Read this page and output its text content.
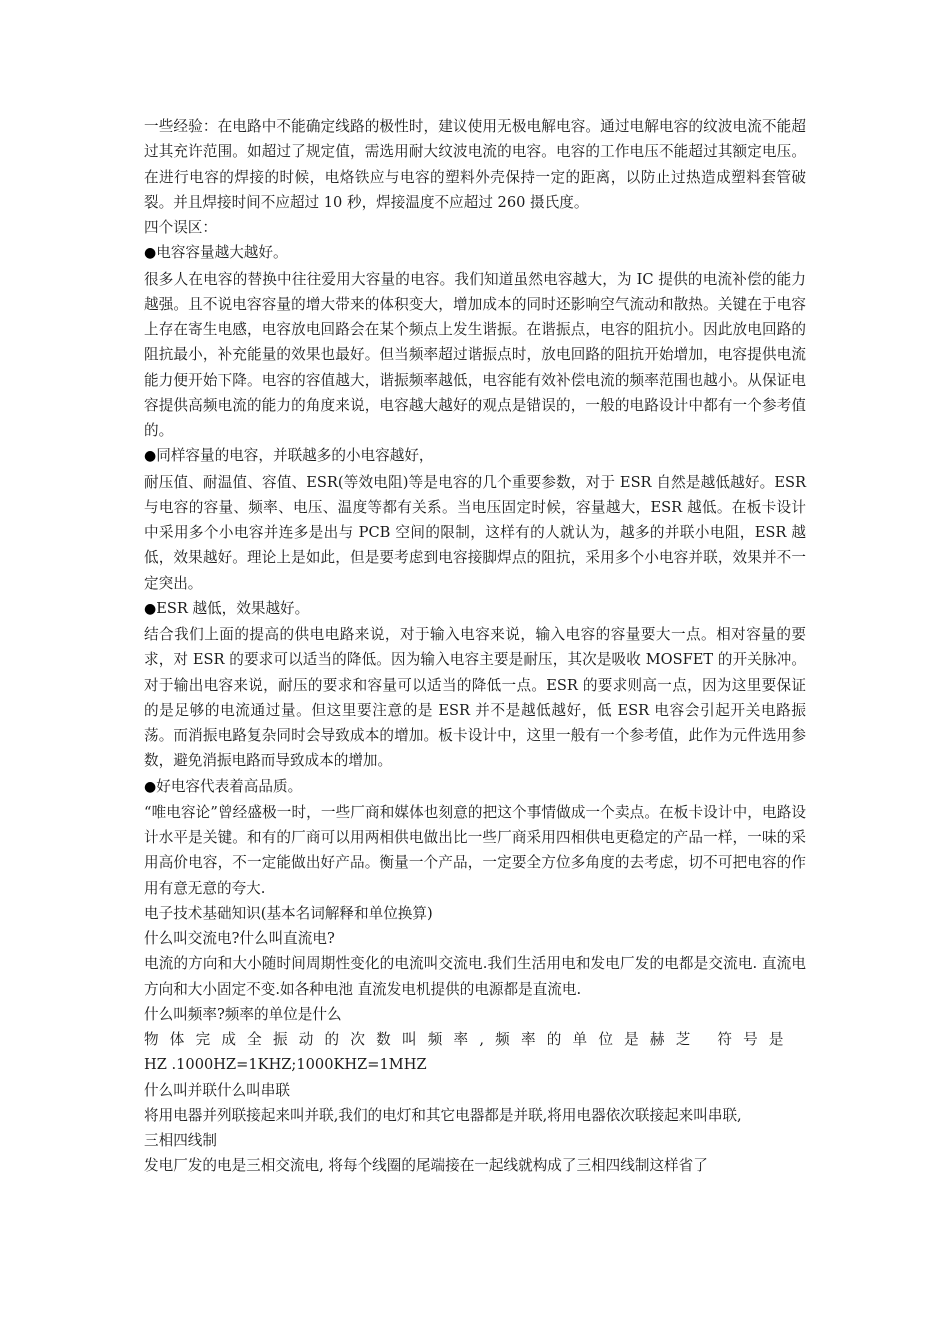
一些经验：在电路中不能确定线路的极性时，建议使用无极电解电容。通过电解电容的纹波电流不能超过其充许范围。如超过了规定值，需选用耐大纹波电流的电容。电容的工作电压不能超过其额定电压。在进行电容的焊接的时候，电烙铁应与电容的塑料外壳保持一定的距离，以防止过热造成塑料套管破裂。并且焊接时间不应超过 10 秒，焊接温度不应超过 260 摄氏度。

四个误区：

●电容容量越大越好。

很多人在电容的替换中往往爱用大容量的电容。我们知道虽然电容越大，为 IC 提供的电流补偿的能力越强。且不说电容容量的增大带来的体积变大，增加成本的同时还影响空气流动和散热。关键在于电容上存在寄生电感，电容放电回路会在某个频点上发生谐振。在谐振点，电容的阻抗小。因此放电回路的阻抗最小，补充能量的效果也最好。但当频率超过谐振点时，放电回路的阻抗开始增加，电容提供电流能力便开始下降。电容的容值越大，谐振频率越低，电容能有效补偿电流的频率范围也越小。从保证电容提供高频电流的能力的角度来说，电容越大越好的观点是错误的，一般的电路设计中都有一个参考值的。

●同样容量的电容，并联越多的小电容越好，

耐压值、耐温值、容值、ESR(等效电阻)等是电容的几个重要参数，对于 ESR 自然是越低越好。ESR 与电容的容量、频率、电压、温度等都有关系。当电压固定时候，容量越大，ESR 越低。在板卡设计中采用多个小电容并连多是出与 PCB 空间的限制，这样有的人就认为，越多的并联小电阻，ESR 越低，效果越好。理论上是如此，但是要考虑到电容接脚焊点的阻抗，采用多个小电容并联，效果并不一定突出。

●ESR 越低，效果越好。

结合我们上面的提高的供电电路来说，对于输入电容来说，输入电容的容量要大一点。相对容量的要求，对 ESR 的要求可以适当的降低。因为输入电容主要是耐压，其次是吸收 MOSFET 的开关脉冲。对于输出电容来说，耐压的要求和容量可以适当的降低一点。ESR 的要求则高一点，因为这里要保证的是足够的电流通过量。但这里要注意的是 ESR 并不是越低越好，低 ESR 电容会引起开关电路振荡。而消振电路复杂同时会导致成本的增加。板卡设计中，这里一般有一个参考值，此作为元件选用参数，避免消振电路而导致成本的增加。

●好电容代表着高品质。

“唯电容论”曾经盛极一时，一些厂商和媒体也刻意的把这个事情做成一个卖点。在板卡设计中，电路设计水平是关键。和有的厂商可以用两相供电做出比一些厂商采用四相供电更稳定的产品一样，一味的采用高价电容，不一定能做出好产品。衡量一个产品，一定要全方位多角度的去考虑，切不可把电容的作用有意无意的夸大.

电子技术基础知识(基本名词解释和单位换算)

什么叫交流电?什么叫直流电?

电流的方向和大小随时间周期性变化的电流叫交流电.我们生活用电和发电厂发的电都是交流电. 直流电方向和大小固定不变.如各种电池 直流发电机提供的电源都是直流电.

什么叫频率?频率的单位是什么

物体完成全振动的次数叫频率,频率的单位是赫芝 符号是

HZ .1000HZ=1KHZ;1000KHZ=1MHZ

什么叫并联什么叫串联

将用电器并列联接起来叫并联,我们的电灯和其它电器都是并联,将用电器依次联接起来叫串联,

三相四线制

发电厂发的电是三相交流电, 将每个线圈的尾端接在一起线就构成了三相四线制这样省了
